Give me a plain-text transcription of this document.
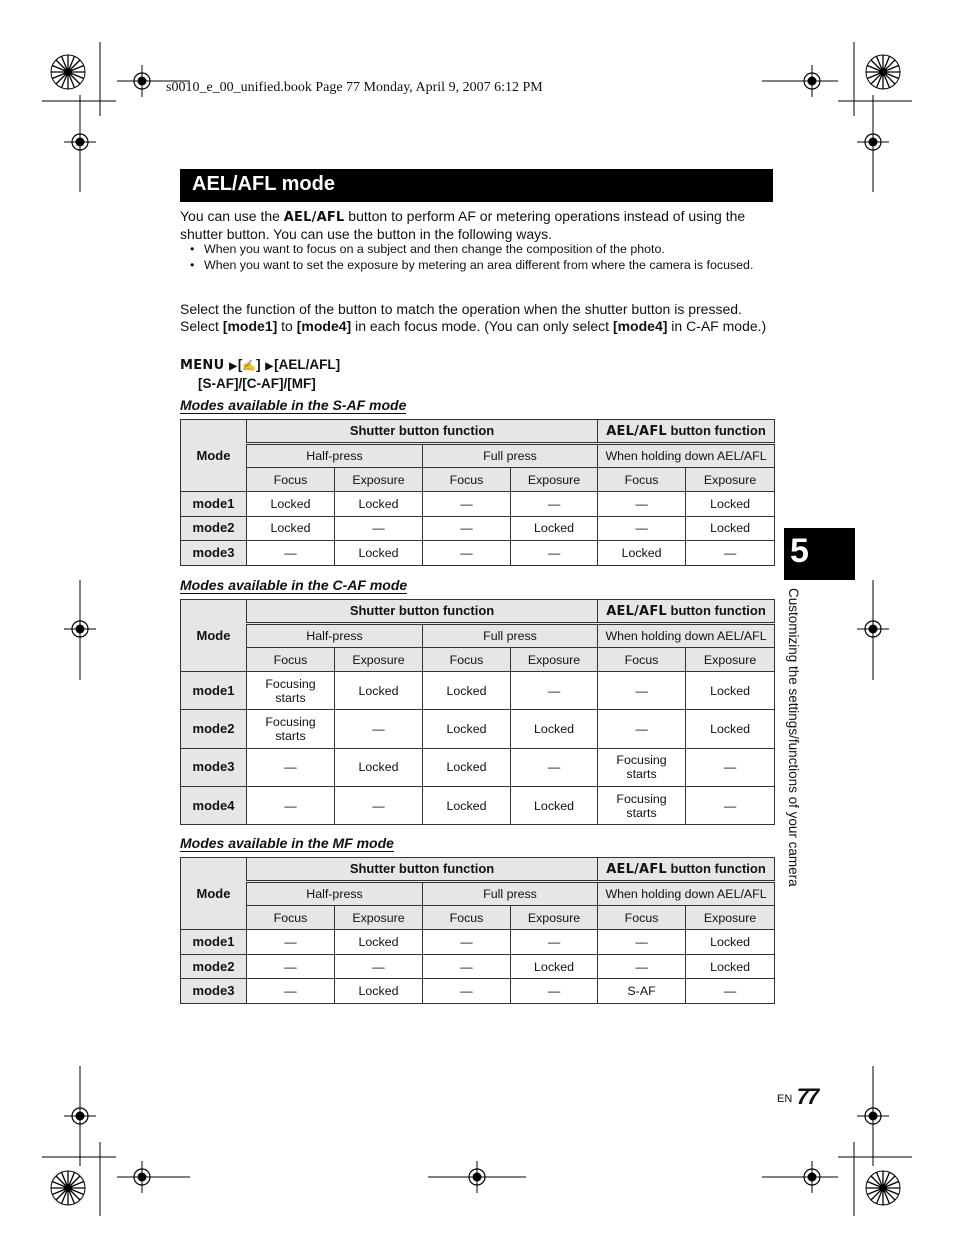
s0010_e_00_unified.book Page 77 Monday, April 9, 2007 6:12 PM
AEL/AFL mode

You can use the AEL/AFL button to perform AF or metering operations instead of using the shutter button. You can use the button in the following ways.

• When you want to focus on a subject and then change the composition of the photo.
• When you want to set the exposure by metering an area different from where the camera is focused.

Select the function of the button to match the operation when the shutter button is pressed.
Select [mode1] to [mode4] in each focus mode. (You can only select [mode4] in C-AF mode.)

MENU ▶[✍] ▶[AEL/AFL]
[S-AF]/[C-AF]/[MF]
Modes available in the S-AF mode
Mode	Shutter button function				AEL/AFL button function	
	Half-press		Full press		When holding down AEL/AFL	
	Focus	Exposure	Focus	Exposure	Focus	Exposure
mode1	Locked	Locked	—	—	—	Locked
mode2	Locked	—	—	Locked	—	Locked
mode3	—	Locked	—	—	Locked	—
Modes available in the C-AF mode
Mode	Shutter button function				AEL/AFL button function	
	Half-press		Full press		When holding down AEL/AFL	
	Focus	Exposure	Focus	Exposure	Focus	Exposure
mode1	Focusing
starts	Locked	Locked	—	—	Locked
mode2	Focusing
starts	—	Locked	Locked	—	Locked
mode3	—	Locked	Locked	—	Focusing
starts	—
mode4	—	—	Locked	Locked	Focusing
starts	—
Modes available in the MF mode
Mode	Shutter button function				AEL/AFL button function	
	Half-press		Full press		When holding down AEL/AFL	
	Focus	Exposure	Focus	Exposure	Focus	Exposure
mode1	—	Locked	—	—	—	Locked
mode2	—	—	—	Locked	—	Locked
mode3	—	Locked	—	—	S-AF	—
5
Customizing the settings/functions of your camera
EN 77
